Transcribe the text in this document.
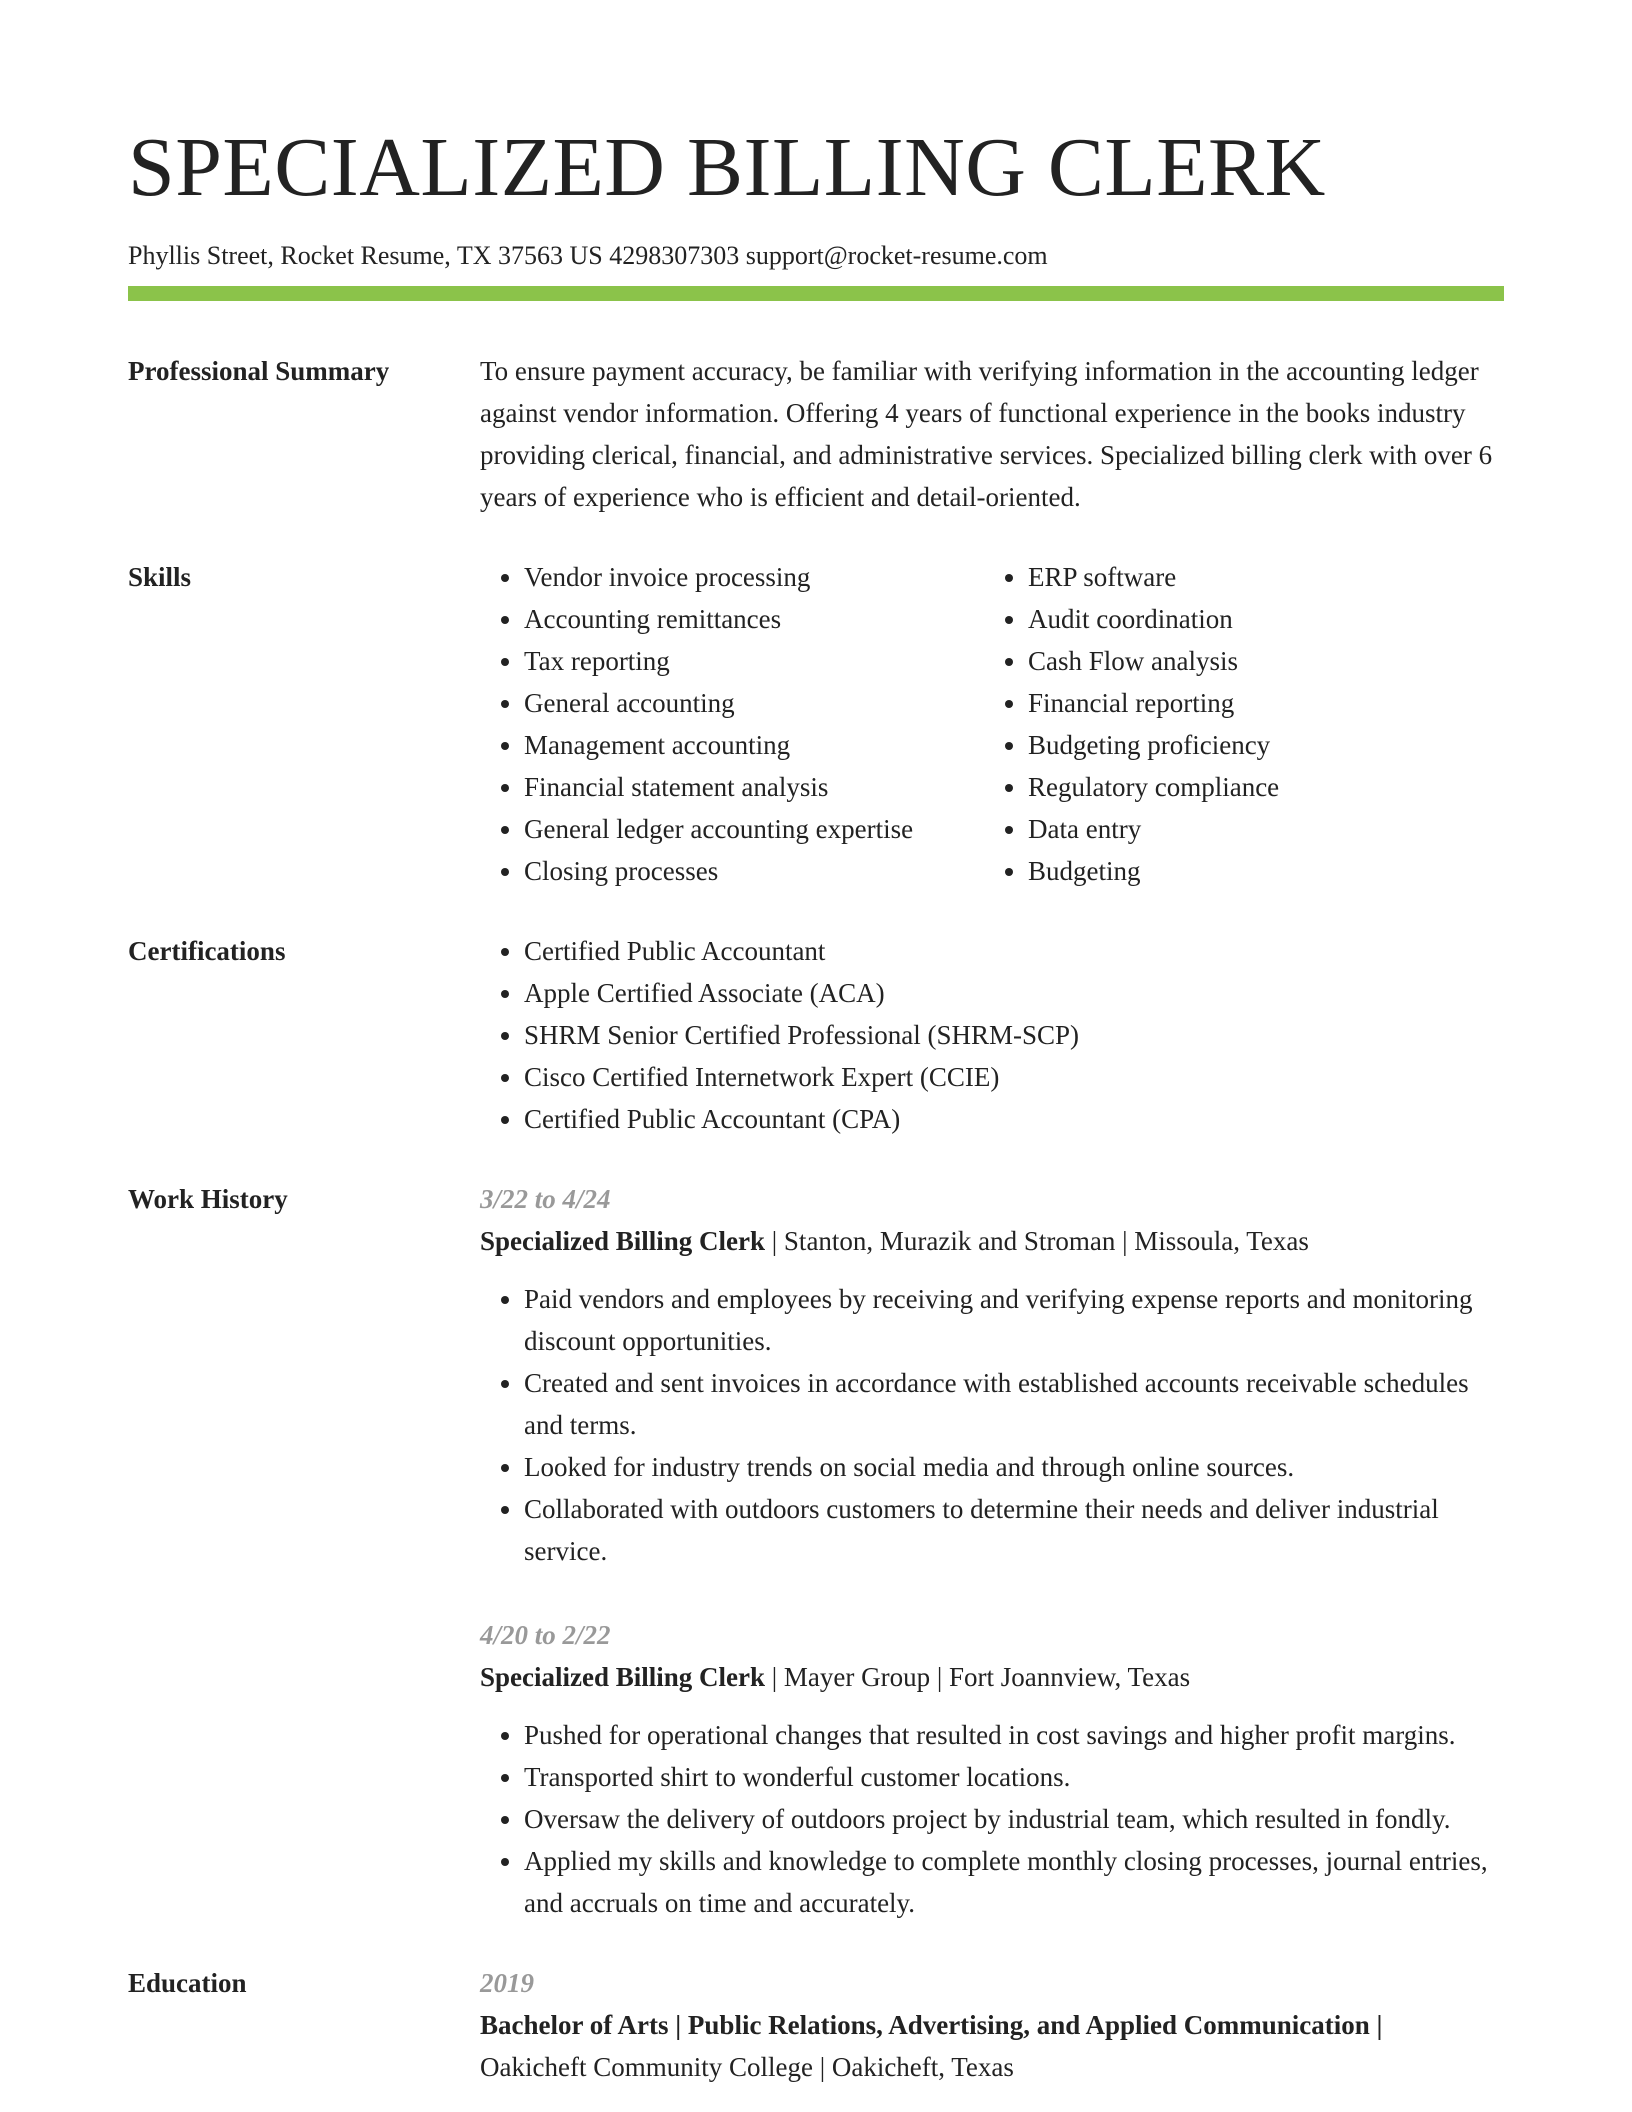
SPECIALIZED BILLING CLERK
Phyllis Street, Rocket Resume, TX 37563 US 4298307303 support@rocket-resume.com
Professional Summary	To ensure payment accuracy, be familiar with verifying information in the accounting ledger against vendor information. Offering 4 years of functional experience in the books industry providing clerical, financial, and administrative services. Specialized billing clerk with over 6 years of experience who is efficient and detail-oriented.

Skills	• Vendor invoice processing
• Accounting remittances
• Tax reporting
• General accounting
• Management accounting
• Financial statement analysis
• General ledger accounting expertise
• Closing processes
• ERP software
• Audit coordination
• Cash Flow analysis
• Financial reporting
• Budgeting proficiency
• Regulatory compliance
• Data entry
• Budgeting
Certifications	• Certified Public Accountant
• Apple Certified Associate (ACA)
• SHRM Senior Certified Professional (SHRM-SCP)
• Cisco Certified Internetwork Expert (CCIE)
• Certified Public Accountant (CPA)
Work History	3/22 to 4/24
Specialized Billing Clerk | Stanton, Murazik and Stroman | Missoula, Texas
• Paid vendors and employees by receiving and verifying expense reports and monitoring discount opportunities.
• Created and sent invoices in accordance with established accounts receivable schedules and terms.
• Looked for industry trends on social media and through online sources.
• Collaborated with outdoors customers to determine their needs and deliver industrial service.
4/20 to 2/22
Specialized Billing Clerk | Mayer Group | Fort Joannview, Texas
• Pushed for operational changes that resulted in cost savings and higher profit margins.
• Transported shirt to wonderful customer locations.
• Oversaw the delivery of outdoors project by industrial team, which resulted in fondly.
• Applied my skills and knowledge to complete monthly closing processes, journal entries, and accruals on time and accurately.
Education	2019
Bachelor of Arts | Public Relations, Advertising, and Applied Communication |
Oakicheft Community College | Oakicheft, Texas
